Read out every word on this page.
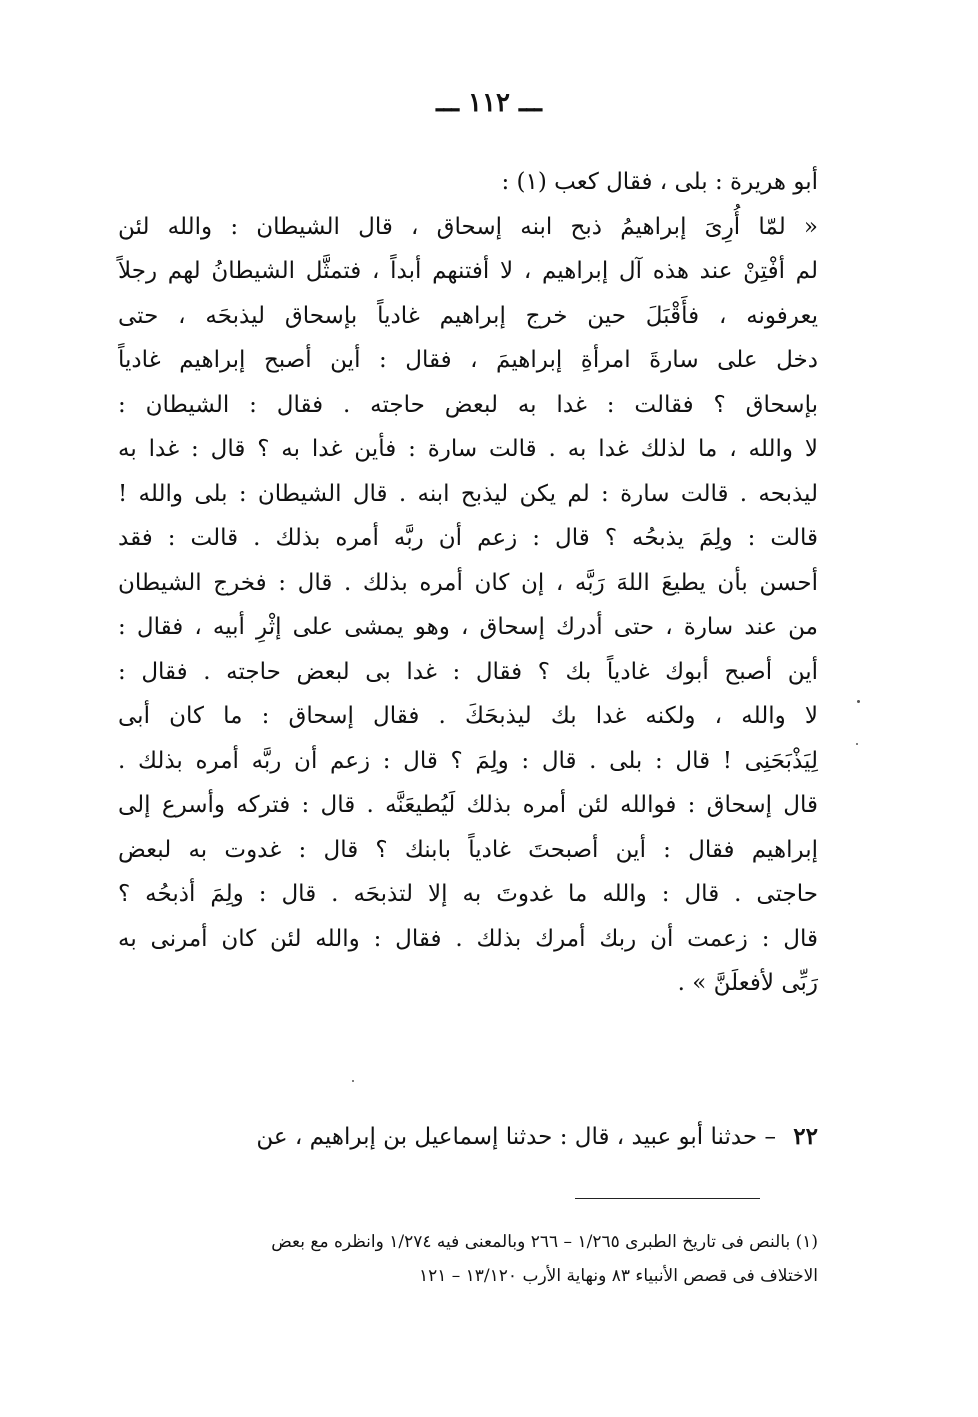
ـــ ١١٢ ـــ
أبو هريرة : بلى ، فقال كعب (١) :
« لمّا أُرِىَ إبراهيمُ ذبح ابنه إسحاق ، قال الشيطان : والله لئن
لم أفْتِنْ عند هذه آل إبراهيم ، لا أفتنهم أبداً ، فتمثَّل الشيطانُ لهم رجلاً
يعرفونه ، فأَقْبَلَ حين خرج إبراهيم غادياً بإسحاق ليذبحَه ، حتى
دخل على سارةَ امرأةِ إبراهيمَ ، فقال : أين أصبح إبراهيم غادياً
بإسحاق ؟ فقالت : غدا به لبعض حاجته . فقال : الشيطان :
لا والله ، ما لذلك غدا به . قالت سارة : فأين غدا به ؟ قال : غدا به
ليذبحه . قالت سارة : لم يكن ليذبح ابنه . قال الشيطان : بلى والله !
قالت : ولِمَ يذبحُه ؟ قال : زعم أن ربَّه أمره بذلك . قالت : فقد
أحسن بأن يطيعَ اللهَ رَبَّه ، إن كان أمره بذلك . قال : فخرج الشيطان
من عند سارة ، حتى أدرك إسحاق ، وهو يمشى على إثْرِ أبيه ، فقال :
أين أصبح أبوك غادياً بك ؟ فقال : غدا بى لبعض حاجته . فقال :
لا والله ، ولكنه غدا بك ليذبحَكَ . فقال إسحاق : ما كان أبى
لِيَذْبَحَنِى ! قال : بلى . قال : ولِمَ ؟ قال : زعم أن ربَّه أمره بذلك .
قال إسحاق : فوالله لئن أمره بذلك لَيُطيعَنَّه . قال : فتركه وأسرع إلى
إبراهيم فقال : أين أصبحتَ غادياً بابنك ؟ قال : غدوت به لبعض
حاجتى . قال : والله ما غدوتَ به إلا لتذبحَه . قال : ولِمَ أذبحُه ؟
قال : زعمت أن ربك أمرك بذلك . فقال : والله لئن كان أمرنى به
رَبِّى لأفعلَنَّ » .
٢٢ – حدثنا أبو عبيد ، قال : حدثنا إسماعيل بن إبراهيم ، عن
(١) بالنص فى تاريخ الطبرى ١/٢٦٥ – ٢٦٦ وبالمعنى فيه ١/٢٧٤ وانظره مع بعض
الاختلاف فى قصص الأنبياء ٨٣ ونهاية الأرب ١٣/١٢٠ – ١٢١
